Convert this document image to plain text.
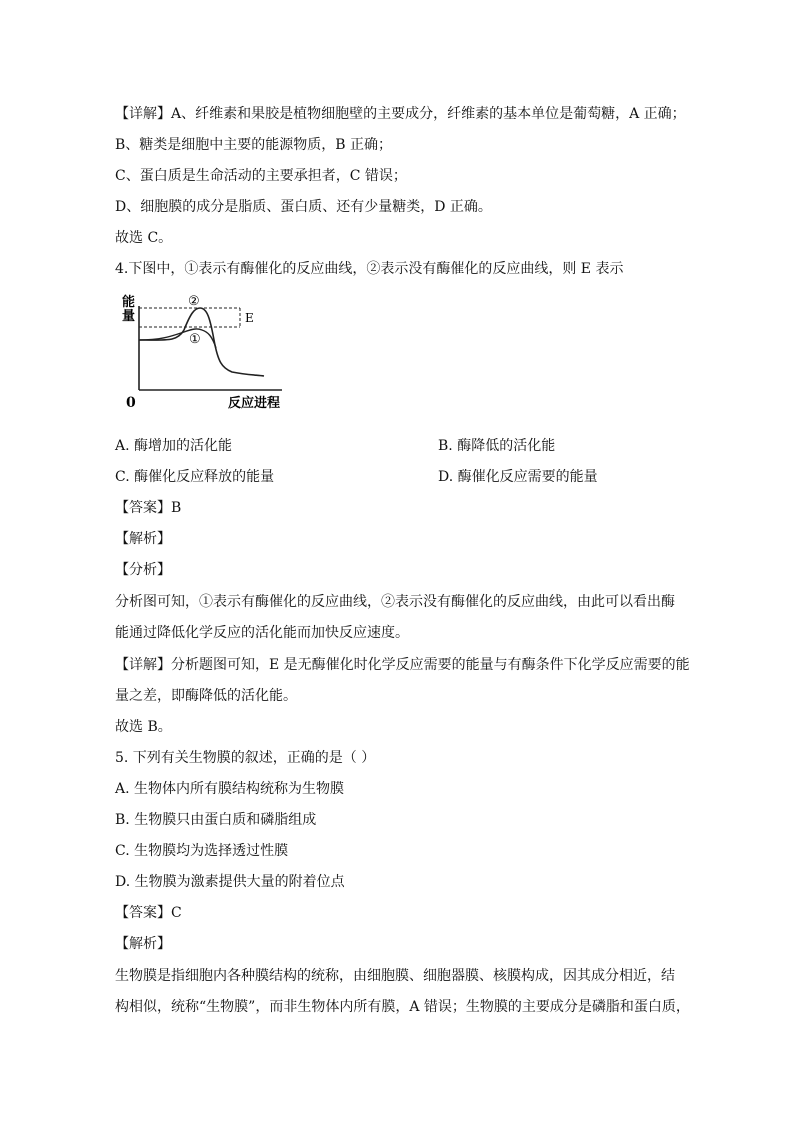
【详解】A、纤维素和果胶是植物细胞壁的主要成分，纤维素的基本单位是葡萄糖，A 正确；
B、糖类是细胞中主要的能源物质，B 正确；
C、蛋白质是生命活动的主要承担者，C 错误；
D、细胞膜的成分是脂质、蛋白质、还有少量糖类，D 正确。
故选 C。
4.下图中，①表示有酶催化的反应曲线，②表示没有酶催化的反应曲线，则 E 表示
能
量
0	反应进程
E
②
①
A. 酶增加的活化能	B. 酶降低的活化能
C. 酶催化反应释放的能量	D. 酶催化反应需要的能量
【答案】B
【解析】
【分析】
分析图可知，①表示有酶催化的反应曲线，②表示没有酶催化的反应曲线，由此可以看出酶
能通过降低化学反应的活化能而加快反应速度。
【详解】分析题图可知，E 是无酶催化时化学反应需要的能量与有酶条件下化学反应需要的能
量之差，即酶降低的活化能。
故选 B。
5. 下列有关生物膜的叙述，正确的是（ ）
A. 生物体内所有膜结构统称为生物膜
B. 生物膜只由蛋白质和磷脂组成
C. 生物膜均为选择透过性膜
D. 生物膜为激素提供大量的附着位点
【答案】C
【解析】
生物膜是指细胞内各种膜结构的统称，由细胞膜、细胞器膜、核膜构成，因其成分相近，结
构相似，统称“生物膜”，而非生物体内所有膜，A 错误；生物膜的主要成分是磷脂和蛋白质，
